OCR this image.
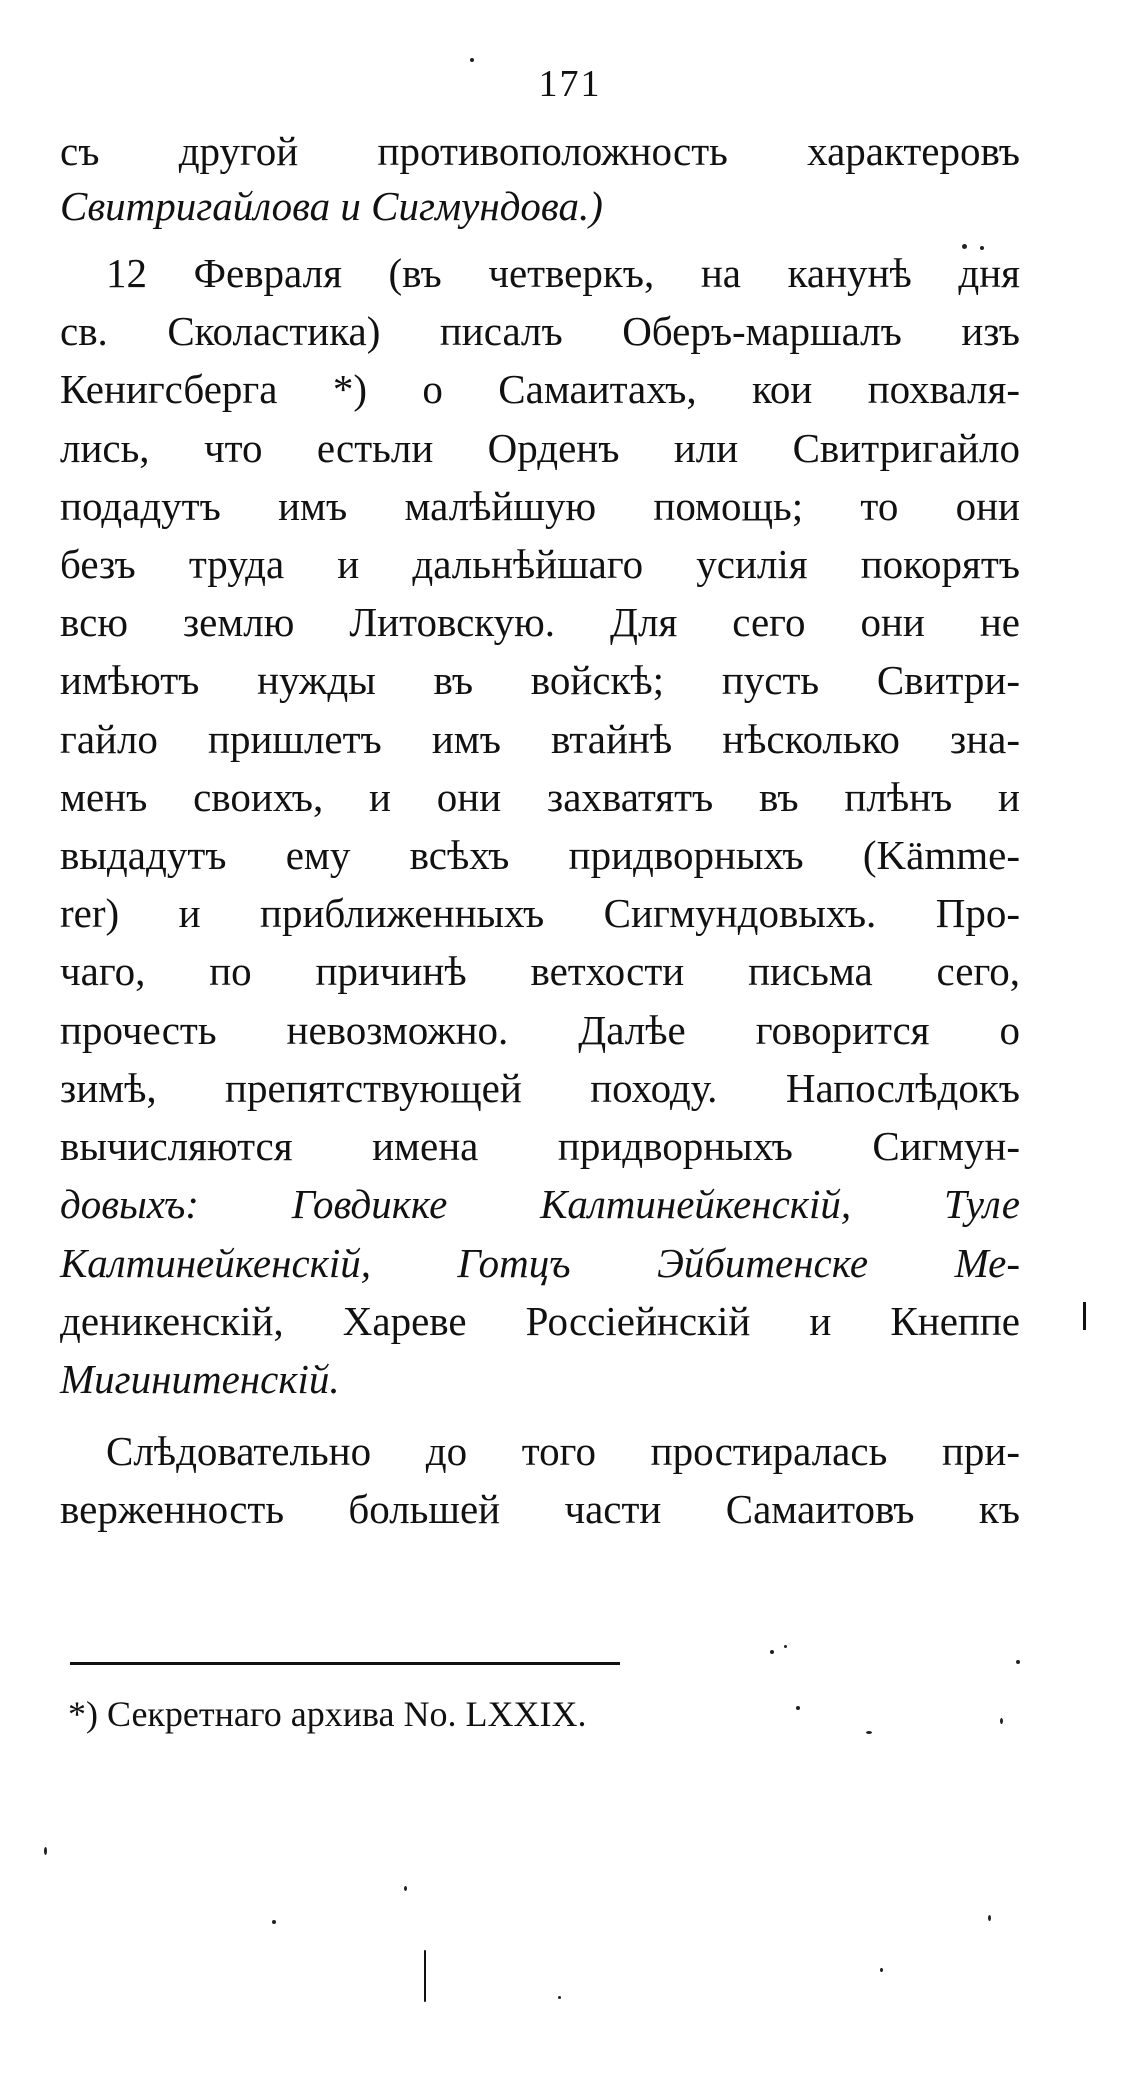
171
съ другой противоположность характеровъ
Свитригайлова и Сигмундова.)
12 Февраля (въ четверкъ, на канунѣ дня
св. Сколастика) писалъ Оберъ-маршалъ изъ
Кенигсберга *) о Самаитахъ, кои похваля-
лись, что естьли Орденъ или Свитригайло
подадутъ имъ малѣйшую помощь; то они
безъ труда и дальнѣйшаго усилія покорятъ
всю землю Литовскую. Для сего они не
имѣютъ нужды въ войскѣ; пусть Свитри-
гайло пришлетъ имъ втайнѣ нѣсколько зна-
менъ своихъ, и они захватятъ въ плѣнъ и
выдадутъ ему всѣхъ придворныхъ (Kämme-
rer) и приближенныхъ Сигмундовыхъ. Про-
чаго, по причинѣ ветхости письма сего,
прочесть невозможно. Далѣе говорится о
зимѣ, препятствующей походу. Напослѣдокъ
вычисляются имена придворныхъ Сигмун-
довыхъ: Говдикке Калтинейкенскій, Туле
Калтинейкенскій, Готцъ Эйбитенске Ме-
деникенскій, Хареве Россіейнскій и Кнеппе
Мигинитенскій.
Слѣдовательно до того простиралась при-
верженность большей части Самаитовъ къ
*) Секретнаго архива No. LXXIX.
